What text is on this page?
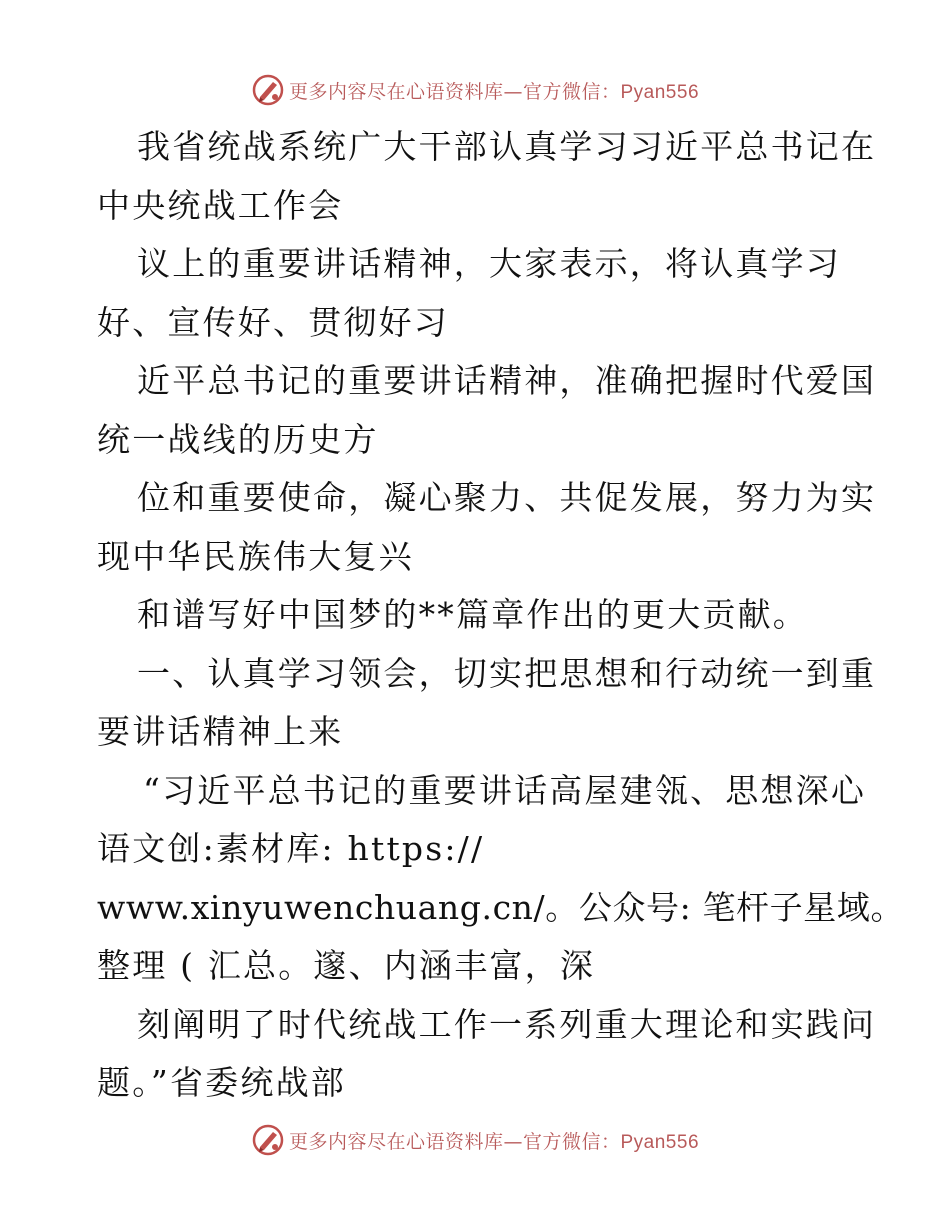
更多内容尽在心语资料库—官方微信：Pyan556
我省统战系统广大干部认真学习习近平总书记在
中央统战工作会
议上的重要讲话精神，大家表示，将认真学习
好、宣传好、贯彻好习
近平总书记的重要讲话精神，准确把握时代爱国
统一战线的历史方
位和重要使命，凝心聚力、共促发展，努力为实
现中华民族伟大复兴
和谱写好中国梦的**篇章作出的更大贡献。
一、认真学习领会，切实把思想和行动统一到重
要讲话精神上来
“习近平总书记的重要讲话高屋建瓴、思想深心
语文创:素材库: https://
www.xinyuwenchuang.cn/。公众号: 笔杆子星域。
整理 ( 汇总。邃、内涵丰富，深
刻阐明了时代统战工作一系列重大理论和实践问
题。”省委统战部
更多内容尽在心语资料库—官方微信：Pyan556
